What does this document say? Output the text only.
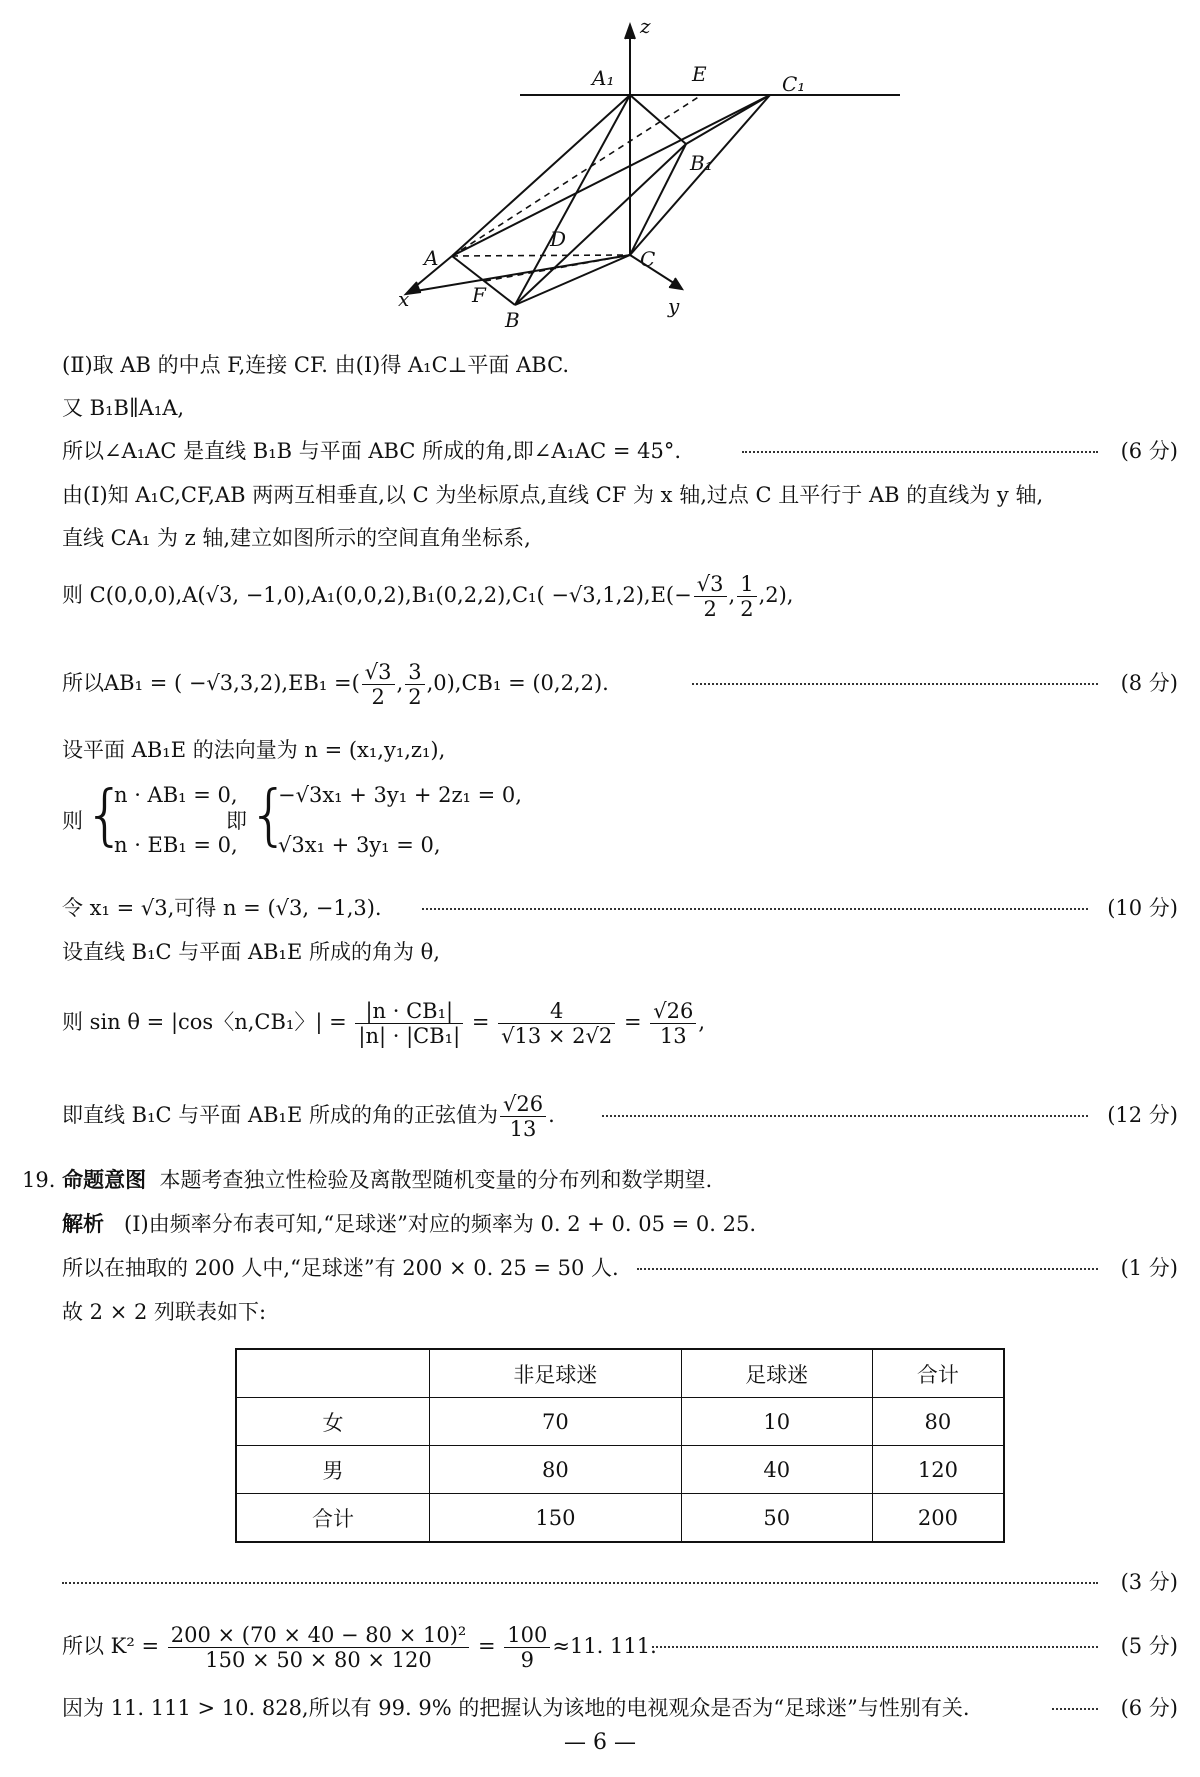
z
A₁	E	C₁
B₁
A
D
C
x	F
B
y
(Ⅱ)取 AB 的中点 F,连接 CF. 由(Ⅰ)得 A₁C⊥平面 ABC.
又 B₁B∥A₁A,
所以∠A₁AC 是直线 B₁B 与平面 ABC 所成的角,即∠A₁AC = 45°.	(6 分)
由(Ⅰ)知 A₁C,CF,AB 两两互相垂直,以 C 为坐标原点,直线 CF 为 x 轴,过点 C 且平行于 AB 的直线为 y 轴,
直线 CA₁ 为 z 轴,建立如图所示的空间直角坐标系,
则 C(0,0,0),A(√3, $-1,0),A_1(0,0,2),B_1(0,2,2),C_1( -√3,1,2),E(- \frac{√3}{2}$ , $\frac{1}{2} ,2$),
所以AB₁ = ( −√3,3,2),EB₁ =( $\frac{√3}{2}$ , $\frac{3}{2} ,0),CB_1 = (0,2,2)$.	(8 分)
设平面 AB₁E 的法向量为 n = (x₁,y₁,z₁),
则 {
n · AB₁ = 0,
n · EB₁ = 0,
即 {
−√3x₁ + 3y₁ + 2z₁ = 0,
√3x₁ + 3y₁ = 0,
令 x₁ = √3,可得 n = (√3, −1,3).	(10 分)
设直线 B₁C 与平面 AB₁E 所成的角为 θ,
则 sin θ = |cos〈n,CB₁〉| = $\frac{\text{|n · CB₁|}}{\text{|n| · |CB₁|}} = \frac{4}{√13 \times 2√2} = \frac{√26}{13}$ ,
即直线 B₁C 与平面 AB₁E 所成的角的正弦值为 $\frac{√26}{13}$ .	(12 分)
19. 命题意图 本题考查独立性检验及离散型随机变量的分布列和数学期望.
解析 (Ⅰ)由频率分布表可知,“足球迷”对应的频率为 0. 2 + 0. 05 = 0. 25.
所以在抽取的 200 人中,“足球迷”有 200 × 0. 25 = 50 人.	(1 分)
故 2 × 2 列联表如下:
	非足球迷	足球迷	合计
女	70	10	80
男	80	40	120
合计	150	50	200
(3 分)
所以 $K^2 = \frac{\text{200 × (70 × 40 − 80 × 10)²}}{150 \times 50 \times 80 \times 120} = \frac{100}{9} \approx 11$. 111.	(5 分)
因为 11. 111 > 10. 828,所以有 99. 9% 的把握认为该地的电视观众是否为“足球迷”与性别有关.	(6 分)
— 6 —
